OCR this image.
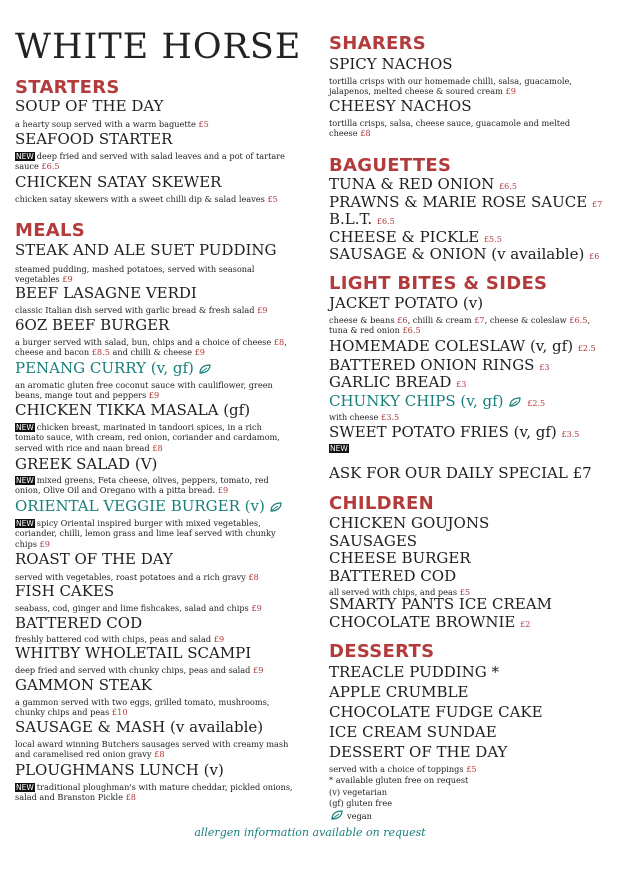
WHITE HORSE
STARTERS
SOUP OF THE DAY
a hearty soup served with a warm baguette £5
SEAFOOD STARTER
NEW deep fried and served with salad leaves and a pot of tartare sauce £6.5
CHICKEN SATAY SKEWER
chicken satay skewers with a sweet chilli dip & salad leaves £5
MEALS
STEAK AND ALE SUET PUDDING
steamed pudding, mashed potatoes, served with seasonal vegetables £9
BEEF LASAGNE VERDI
classic Italian dish served with garlic bread & fresh salad £9
6OZ BEEF BURGER
a burger served with salad, bun, chips and a choice of cheese £8, cheese and bacon £8.5 and chilli & cheese £9
PENANG CURRY (v, gf)
an aromatic gluten free coconut sauce with cauliflower, green beans, mange tout and peppers £9
CHICKEN TIKKA MASALA (gf)
NEW chicken breast, marinated in tandoori spices, in a rich tomato sauce, with cream, red onion, coriander and cardamom, served with rice and naan bread £8
GREEK SALAD (V)
NEW mixed greens, Feta cheese, olives, peppers, tomato, red onion, Olive Oil and Oregano with a pitta bread. £9
ORIENTAL VEGGIE BURGER (v)
NEW spicy Oriental inspired burger with mixed vegetables, coriander, chilli, lemon grass and lime leaf served with chunky chips £9
ROAST OF THE DAY
served with vegetables, roast potatoes and a rich gravy £8
FISH CAKES
seabass, cod, ginger and lime fishcakes, salad and chips £9
BATTERED COD
freshly battered cod with chips, peas and salad £9
WHITBY WHOLETAIL SCAMPI
deep fried and served with chunky chips, peas and salad £9
GAMMON STEAK
a gammon served with two eggs, grilled tomato, mushrooms, chunky chips and peas £10
SAUSAGE & MASH (v available)
local award winning Butchers sausages served with creamy mash and caramelised red onion gravy £8
PLOUGHMANS LUNCH (v)
NEW traditional ploughman's with mature cheddar, pickled onions, salad and Branston Pickle £8
SHARERS
SPICY NACHOS
tortilla crisps with our homemade chilli, salsa, guacamole, jalapenos, melted cheese & soured cream £9
CHEESY NACHOS
tortilla crisps, salsa, cheese sauce, guacamole and melted cheese £8
BAGUETTES
TUNA & RED ONION £6.5
PRAWNS & MARIE ROSE SAUCE £7
B.L.T. £6.5
CHEESE & PICKLE £5.5
SAUSAGE & ONION (v available) £6
LIGHT BITES & SIDES
JACKET POTATO (v)
cheese & beans £6, chilli & cream £7, cheese & coleslaw £6.5, tuna & red onion £6.5
HOMEMADE COLESLAW (v, gf) £2.5
BATTERED ONION RINGS £3
GARLIC BREAD £3
CHUNKY CHIPS (v, gf)	£2.5
with cheese £3.5
SWEET POTATO FRIES (v, gf) £3.5
NEW
ASK FOR OUR DAILY SPECIAL £7
CHILDREN
CHICKEN GOUJONS
SAUSAGES
CHEESE BURGER
BATTERED COD
all served with chips, and peas £5
SMARTY PANTS ICE CREAM
CHOCOLATE BROWNIE £2
DESSERTS
TREACLE PUDDING *
APPLE CRUMBLE
CHOCOLATE FUDGE CAKE
ICE CREAM SUNDAE
DESSERT OF THE DAY
served with a choice of toppings £5
* available gluten free on request
(v) vegetarian
(gf) gluten free
vegan
allergen information available on request
